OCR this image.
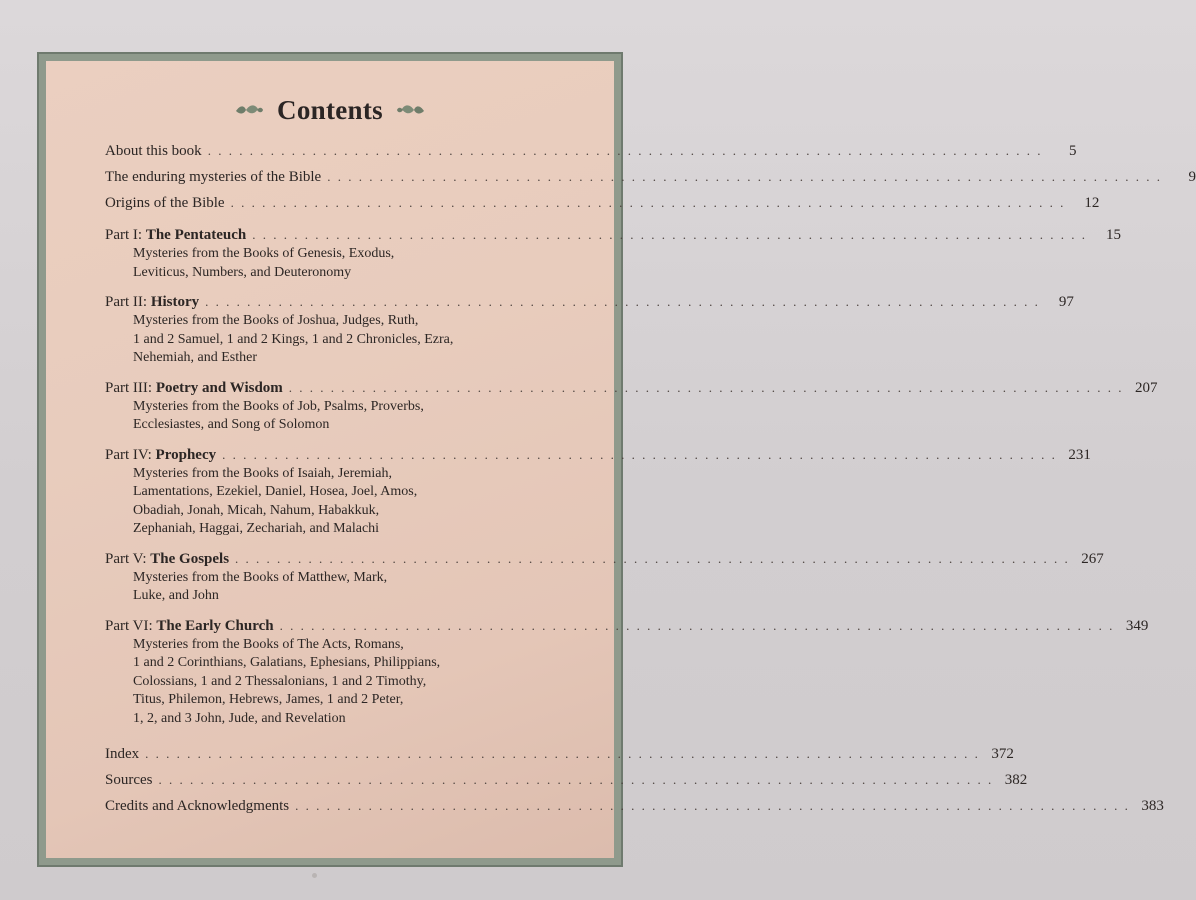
Contents
About this book . . . . . . . . . . . . . . . . . . . . . . . . . . . . . . . . . . . . . . . . . . . . . . . . . . . . . . . . . . . . . . . . . . . . . . . . . . . . . . . .	5
The enduring mysteries of the Bible . . . . . . . . . . . . . . . . . . . . . . . . . . . . . . . . . . . . . . . . . . . . . . . . . . . . . . . . . . . . . . . . . . . . . . . . . . . . . . . .	9
Origins of the Bible . . . . . . . . . . . . . . . . . . . . . . . . . . . . . . . . . . . . . . . . . . . . . . . . . . . . . . . . . . . . . . . . . . . . . . . . . . . . . . . .	12
Part I: The Pentateuch . . . . . . . . . . . . . . . . . . . . . . . . . . . . . . . . . . . . . . . . . . . . . . . . . . . . . . . . . . . . . . . . . . . . . . . . . . . . . . . .	15
Mysteries from the Books of Genesis, Exodus,
Leviticus, Numbers, and Deuteronomy
Part II: History . . . . . . . . . . . . . . . . . . . . . . . . . . . . . . . . . . . . . . . . . . . . . . . . . . . . . . . . . . . . . . . . . . . . . . . . . . . . . . . .	97
Mysteries from the Books of Joshua, Judges, Ruth,
1 and 2 Samuel, 1 and 2 Kings, 1 and 2 Chronicles, Ezra,
Nehemiah, and Esther
Part III: Poetry and Wisdom . . . . . . . . . . . . . . . . . . . . . . . . . . . . . . . . . . . . . . . . . . . . . . . . . . . . . . . . . . . . . . . . . . . . . . . . . . . . . . . . 207
Mysteries from the Books of Job, Psalms, Proverbs,
Ecclesiastes, and Song of Solomon
Part IV: Prophecy . . . . . . . . . . . . . . . . . . . . . . . . . . . . . . . . . . . . . . . . . . . . . . . . . . . . . . . . . . . . . . . . . . . . . . . . . . . . . . . . 231
Mysteries from the Books of Isaiah, Jeremiah,
Lamentations, Ezekiel, Daniel, Hosea, Joel, Amos,
Obadiah, Jonah, Micah, Nahum, Habakkuk,
Zephaniah, Haggai, Zechariah, and Malachi
Part V: The Gospels . . . . . . . . . . . . . . . . . . . . . . . . . . . . . . . . . . . . . . . . . . . . . . . . . . . . . . . . . . . . . . . . . . . . . . . . . . . . . . . . 267
Mysteries from the Books of Matthew, Mark,
Luke, and John
Part VI: The Early Church . . . . . . . . . . . . . . . . . . . . . . . . . . . . . . . . . . . . . . . . . . . . . . . . . . . . . . . . . . . . . . . . . . . . . . . . . . . . . . . . 349
Mysteries from the Books of The Acts, Romans,
1 and 2 Corinthians, Galatians, Ephesians, Philippians,
Colossians, 1 and 2 Thessalonians, 1 and 2 Timothy,
Titus, Philemon, Hebrews, James, 1 and 2 Peter,
1, 2, and 3 John, Jude, and Revelation
Index . . . . . . . . . . . . . . . . . . . . . . . . . . . . . . . . . . . . . . . . . . . . . . . . . . . . . . . . . . . . . . . . . . . . . . . . . . . . . . . . 372
Sources . . . . . . . . . . . . . . . . . . . . . . . . . . . . . . . . . . . . . . . . . . . . . . . . . . . . . . . . . . . . . . . . . . . . . . . . . . . . . . . . 382
Credits and Acknowledgments . . . . . . . . . . . . . . . . . . . . . . . . . . . . . . . . . . . . . . . . . . . . . . . . . . . . . . . . . . . . . . . . . . . . . . . . . . . . . . . . 383
